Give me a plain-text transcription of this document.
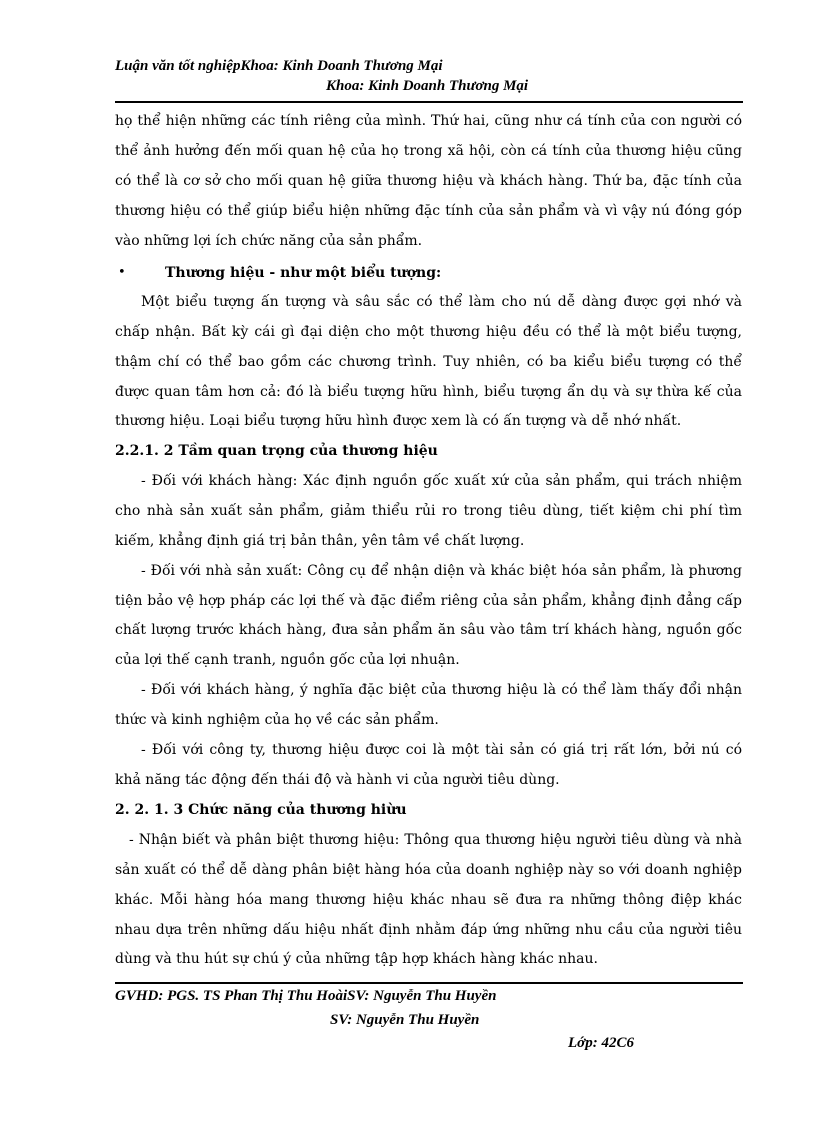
Luận văn tốt nghiệpKhoa: Kinh Doanh Thương Mại
Khoa: Kinh Doanh Thương Mại
họ thể hiện những các tính riêng của mình. Thứ hai, cũng như cá tính của con người có
thể ảnh hưởng đến mối quan hệ của họ trong xã hội, còn cá tính của thương hiệu cũng
có thể là cơ sở cho mối quan hệ giữa thương hiệu và khách hàng. Thứ ba, đặc tính của
thương hiệu có thể giúp biểu hiện những đặc tính của sản phẩm và vì vậy nú đóng góp
vào những lợi ích chức năng của sản phẩm.
•	Thương hiệu - như một biểu tượng:
Một biểu tượng ấn tượng và sâu sắc có thể làm cho nú dễ dàng được gợi nhớ và
chấp nhận. Bất kỳ cái gì đại diện cho một thương hiệu đều có thể là một biểu tượng,
thậm chí có thể bao gồm các chương trình. Tuy nhiên, có ba kiểu biểu tượng có thể
được quan tâm hơn cả: đó là biểu tượng hữu hình, biểu tượng ẩn dụ và sự thừa kế của
thương hiệu. Loại biểu tượng hữu hình được xem là có ấn tượng và dễ nhớ nhất.
2.2.1. 2 Tầm quan trọng của thương hiệu
- Đối với khách hàng: Xác định nguồn gốc xuất xứ của sản phẩm, qui trách nhiệm
cho nhà sản xuất sản phẩm, giảm thiểu rủi ro trong tiêu dùng, tiết kiệm chi phí tìm
kiếm, khẳng định giá trị bản thân, yên tâm về chất lượng.
- Đối với nhà sản xuất: Công cụ để nhận diện và khác biệt hóa sản phẩm, là phương
tiện bảo vệ hợp pháp các lợi thế và đặc điểm riêng của sản phẩm, khẳng định đẳng cấp
chất lượng trước khách hàng, đưa sản phẩm ăn sâu vào tâm trí khách hàng, nguồn gốc
của lợi thế cạnh tranh, nguồn gốc của lợi nhuận.
- Đối với khách hàng, ý nghĩa đặc biệt của thương hiệu là có thể làm thấy đổi nhận
thức và kinh nghiệm của họ về các sản phẩm.
- Đối với công ty, thương hiệu được coi là một tài sản có giá trị rất lớn, bởi nú có
khả năng tác động đến thái độ và hành vi của người tiêu dùng.
2. 2. 1. 3 Chức năng của thương hiừu
- Nhận biết và phân biệt thương hiệu: Thông qua thương hiệu người tiêu dùng và nhà
sản xuất có thể dễ dàng phân biệt hàng hóa của doanh nghiệp này so với doanh nghiệp
khác. Mỗi hàng hóa mang thương hiệu khác nhau sẽ đưa ra những thông điệp khác
nhau dựa trên những dấu hiệu nhất định nhằm đáp ứng những nhu cầu của người tiêu
dùng và thu hút sự chú ý của những tập hợp khách hàng khác nhau.
GVHD: PGS. TS Phan Thị Thu HoàiSV: Nguyễn Thu Huyền
SV: Nguyễn Thu Huyền
Lớp: 42C6
